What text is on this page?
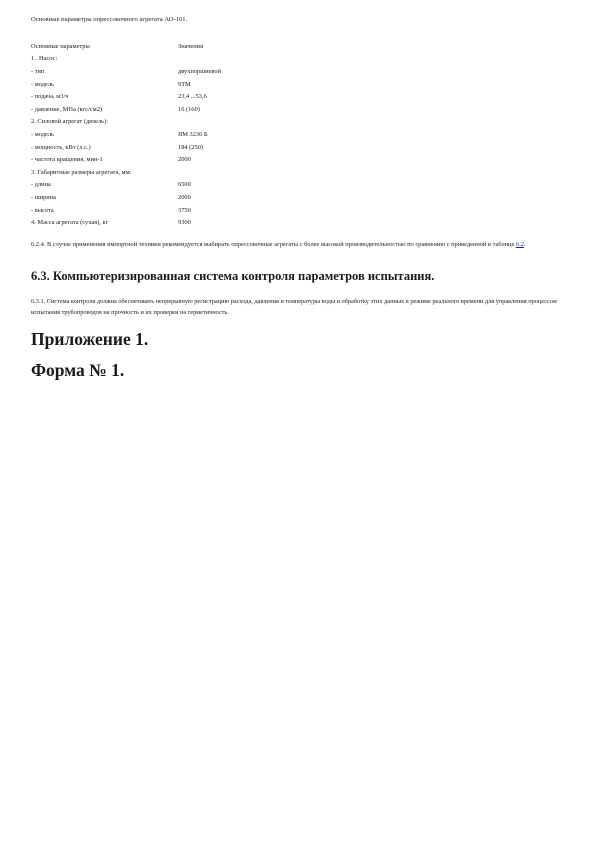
Основные параметры опрессовочного агрегата АО-161.
Основные параметры	Значения
1 . Насос:	
- тип	двухпоршневой
- модель	9ТМ
- подача, м3/ч	23,4 ...53,6
- давление, МПа (кгс/см2)	16 (160)
2. Силовой агрегат (дизель):	
- модель	ЯМ 3236 Б
- мощность, кВт (л.с.)	184 (250)
- частота вращения, мин-1	2000
3. Габаритные размеры агрегата, мм:	
- длина	6500
- ширина	2000
- высота	3750
4. Масса агрегата (сухая), кг	9300
6.2.4. В случае применения импортной техники рекомендуется выбирать опрессовочные агрегаты с более высокой производительностью по сравнению с приведенной в таблице 6.2.
6.3. Компьютеризированная система контроля параметров испытания.
6.3.1. Система контроля должна обеспечивать непрерывную регистрацию расхода, давления и температуры воды и обработку этих данных в режиме реального времени для управления процессом испытания трубопроводов на прочность и их проверки на герметичность.
Приложение 1.
Форма № 1.
